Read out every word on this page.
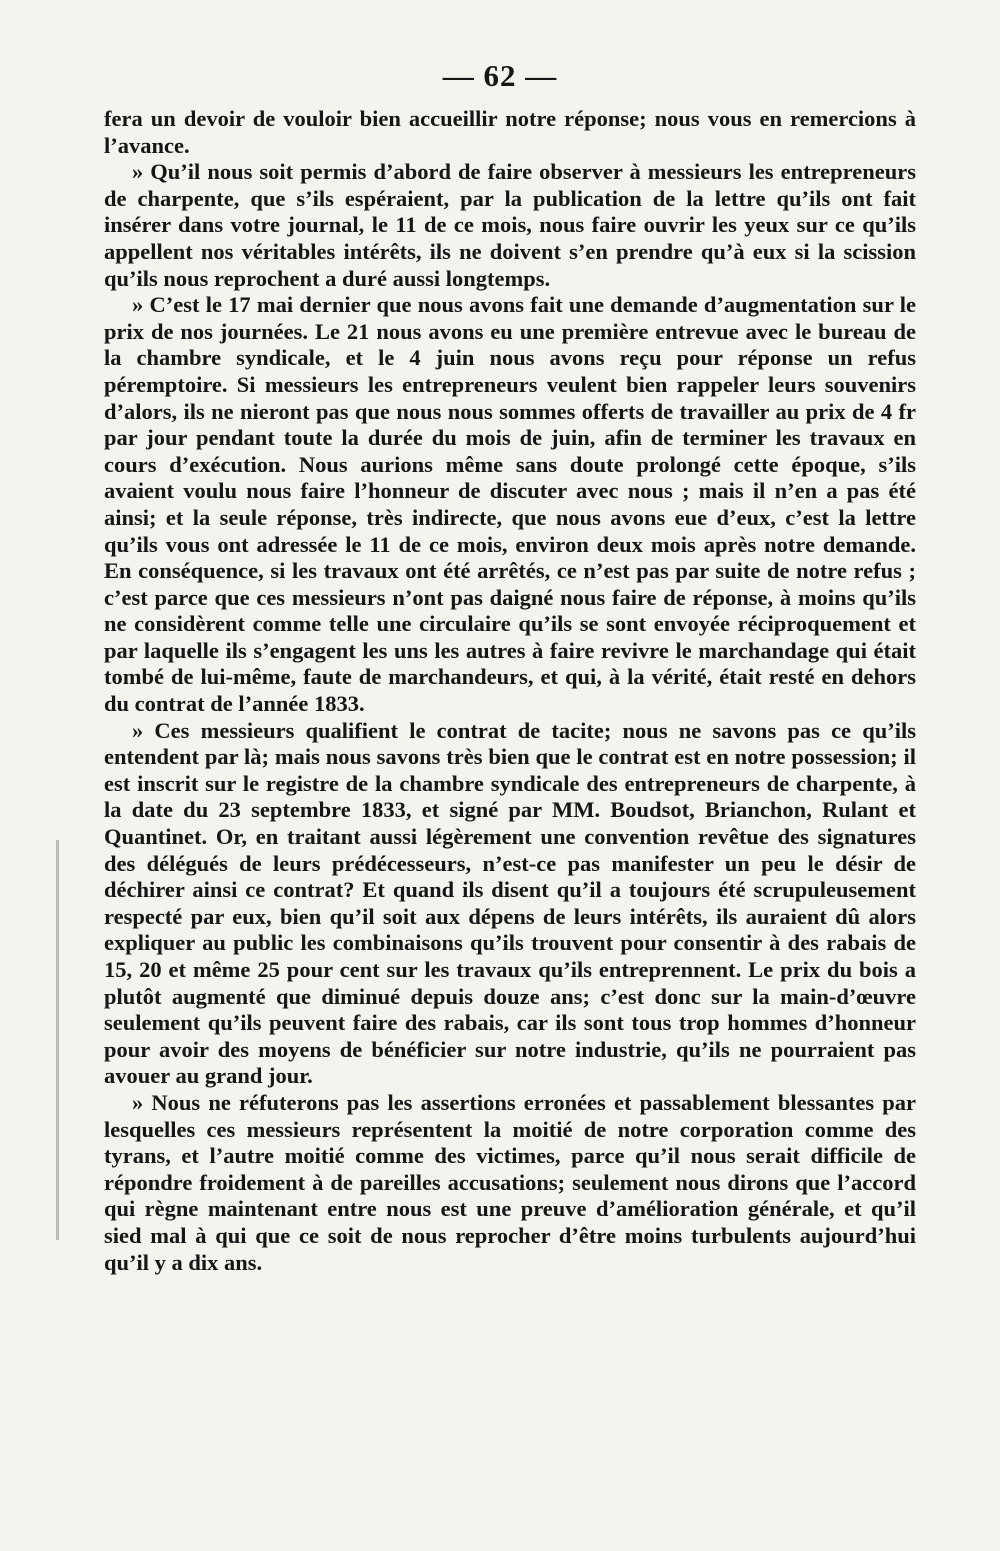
— 62 —

fera un devoir de vouloir bien accueillir notre réponse; nous vous en remercions à l’avance.

» Qu’il nous soit permis d’abord de faire observer à messieurs les entrepreneurs de charpente, que s’ils espéraient, par la publication de la lettre qu’ils ont fait insérer dans votre journal, le 11 de ce mois, nous faire ouvrir les yeux sur ce qu’ils appellent nos véritables intérêts, ils ne doivent s’en prendre qu’à eux si la scission qu’ils nous reprochent a duré aussi longtemps.

» C’est le 17 mai dernier que nous avons fait une demande d’augmentation sur le prix de nos journées. Le 21 nous avons eu une première entrevue avec le bureau de la chambre syndicale, et le 4 juin nous avons reçu pour réponse un refus péremptoire. Si messieurs les entrepreneurs veulent bien rappeler leurs souvenirs d’alors, ils ne nieront pas que nous nous sommes offerts de travailler au prix de 4 fr par jour pendant toute la durée du mois de juin, afin de terminer les travaux en cours d’exécution. Nous aurions même sans doute prolongé cette époque, s’ils avaient voulu nous faire l’honneur de discuter avec nous ; mais il n’en a pas été ainsi; et la seule réponse, très indirecte, que nous avons eue d’eux, c’est la lettre qu’ils vous ont adressée le 11 de ce mois, environ deux mois après notre demande. En conséquence, si les travaux ont été arrêtés, ce n’est pas par suite de notre refus ; c’est parce que ces messieurs n’ont pas daigné nous faire de réponse, à moins qu’ils ne considèrent comme telle une circulaire qu’ils se sont envoyée réciproquement et par laquelle ils s’engagent les uns les autres à faire revivre le marchandage qui était tombé de lui-même, faute de marchandeurs, et qui, à la vérité, était resté en dehors du contrat de l’année 1833.

» Ces messieurs qualifient le contrat de tacite; nous ne savons pas ce qu’ils entendent par là; mais nous savons très bien que le contrat est en notre possession; il est inscrit sur le registre de la chambre syndicale des entrepreneurs de charpente, à la date du 23 septembre 1833, et signé par MM. Boudsot, Brianchon, Rulant et Quantinet. Or, en traitant aussi légèrement une convention revêtue des signatures des délégués de leurs prédécesseurs, n’est-ce pas manifester un peu le désir de déchirer ainsi ce contrat? Et quand ils disent qu’il a toujours été scrupuleusement respecté par eux, bien qu’il soit aux dépens de leurs intérêts, ils auraient dû alors expliquer au public les combinaisons qu’ils trouvent pour consentir à des rabais de 15, 20 et même 25 pour cent sur les travaux qu’ils entreprennent. Le prix du bois a plutôt augmenté que diminué depuis douze ans; c’est donc sur la main-d’œuvre seulement qu’ils peuvent faire des rabais, car ils sont tous trop hommes d’honneur pour avoir des moyens de bénéficier sur notre industrie, qu’ils ne pourraient pas avouer au grand jour.

» Nous ne réfuterons pas les assertions erronées et passablement blessantes par lesquelles ces messieurs représentent la moitié de notre corporation comme des tyrans, et l’autre moitié comme des victimes, parce qu’il nous serait difficile de répondre froidement à de pareilles accusations; seulement nous dirons que l’accord qui règne maintenant entre nous est une preuve d’amélioration générale, et qu’il sied mal à qui que ce soit de nous reprocher d’être moins turbulents aujourd’hui qu’il y a dix ans.
